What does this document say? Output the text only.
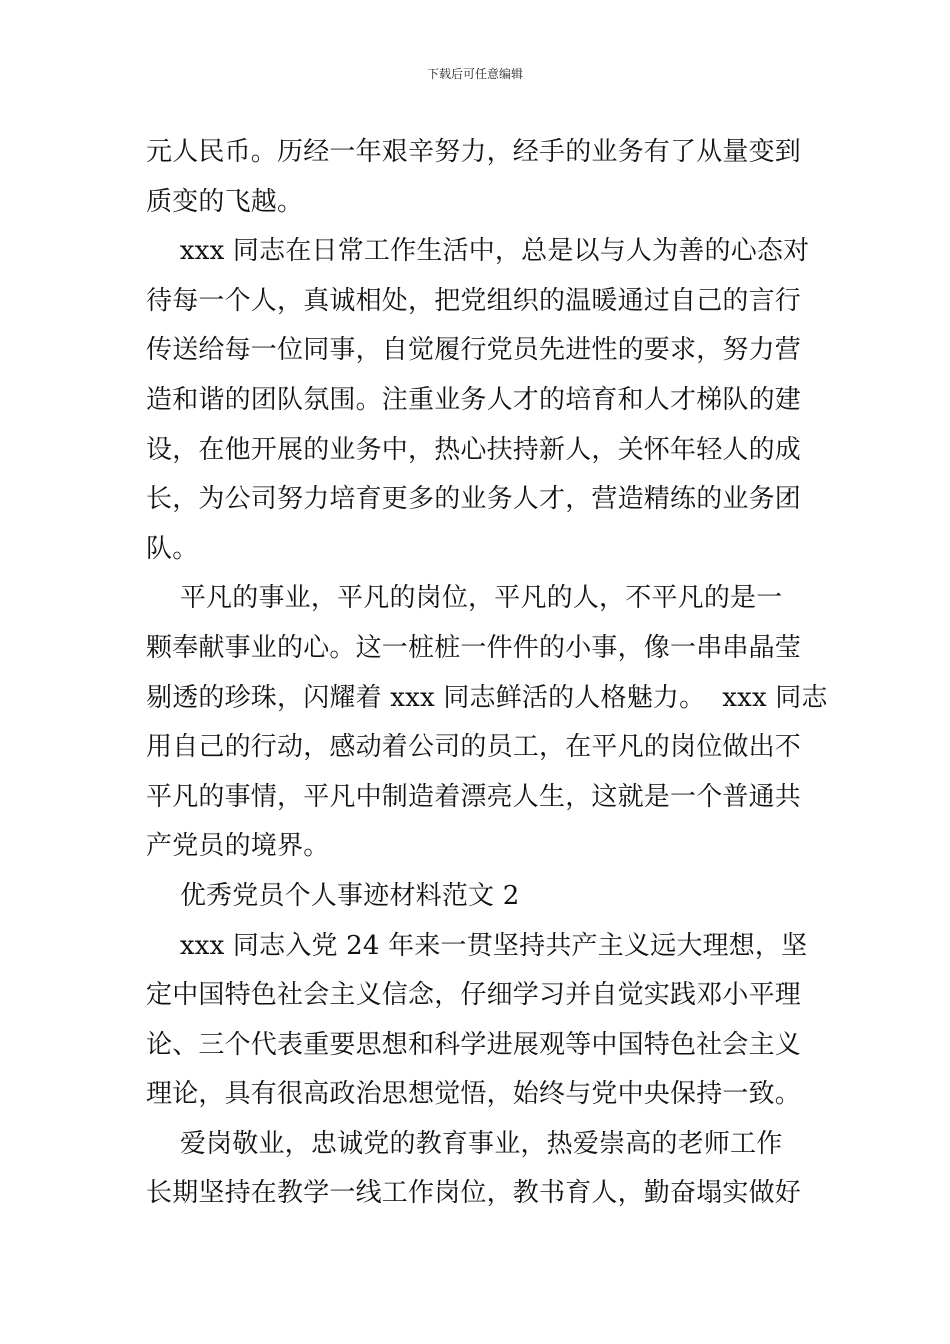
下载后可任意编辑
元人民币。历经一年艰辛努力，经手的业务有了从量变到
质变的飞越。
xxx 同志在日常工作生活中，总是以与人为善的心态对
待每一个人，真诚相处，把党组织的温暖通过自己的言行
传送给每一位同事，自觉履行党员先进性的要求，努力营
造和谐的团队氛围。注重业务人才的培育和人才梯队的建
设，在他开展的业务中，热心扶持新人，关怀年轻人的成
长，为公司努力培育更多的业务人才，营造精练的业务团
队。
平凡的事业，平凡的岗位，平凡的人，不平凡的是一
颗奉献事业的心。这一桩桩一件件的小事，像一串串晶莹
剔透的珍珠，闪耀着 xxx 同志鲜活的人格魅力。  xxx 同志
用自己的行动，感动着公司的员工，在平凡的岗位做出不
平凡的事情，平凡中制造着漂亮人生，这就是一个普通共
产党员的境界。
优秀党员个人事迹材料范文 2
xxx 同志入党 24 年来一贯坚持共产主义远大理想，坚
定中国特色社会主义信念，仔细学习并自觉实践邓小平理
论、三个代表重要思想和科学进展观等中国特色社会主义
理论，具有很高政治思想觉悟，始终与党中央保持一致。
爱岗敬业，忠诚党的教育事业，热爱崇高的老师工作
长期坚持在教学一线工作岗位，教书育人，勤奋塌实做好
